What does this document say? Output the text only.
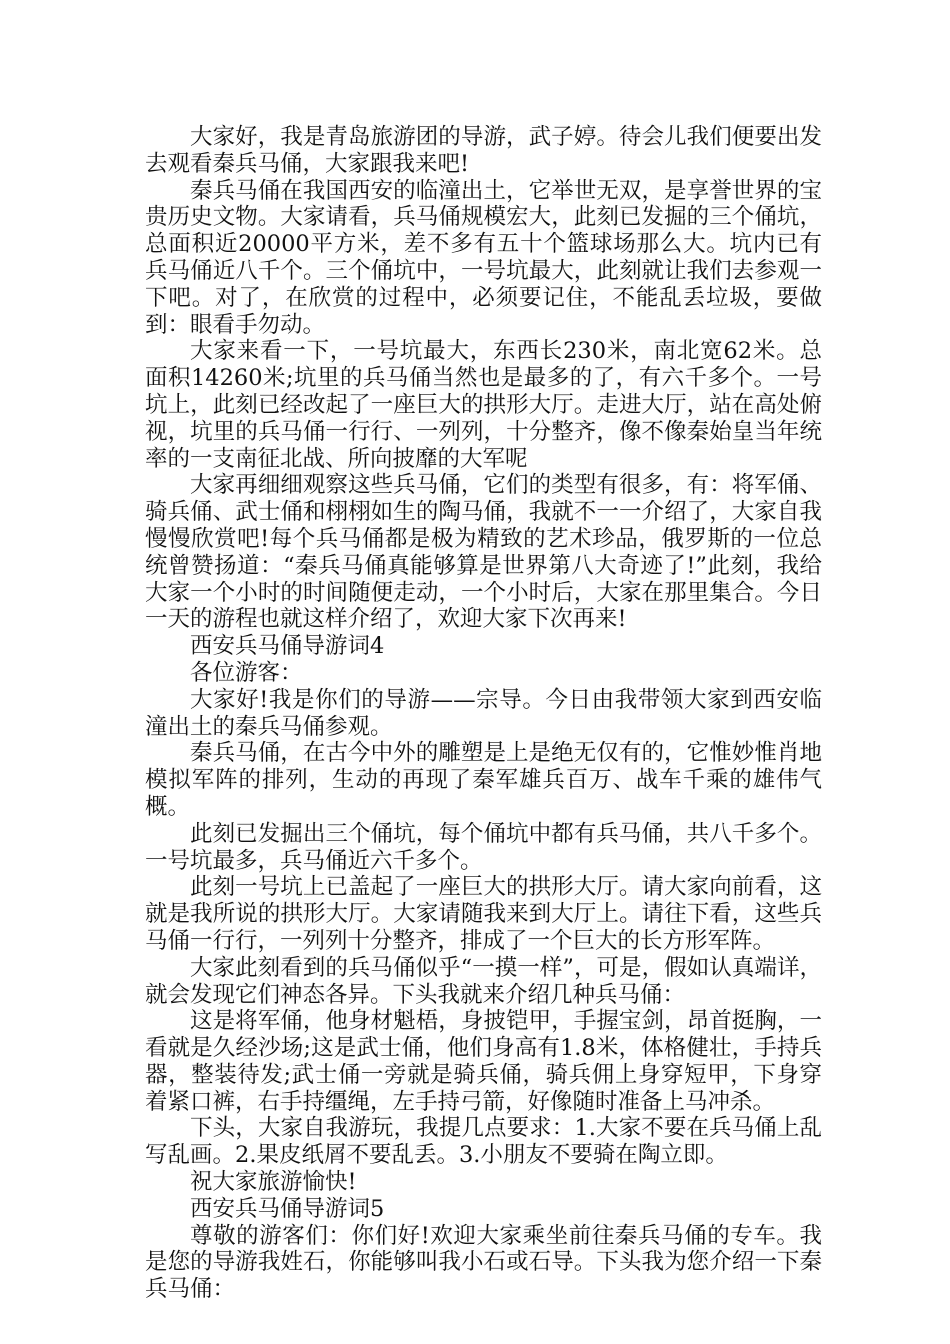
大家好，我是青岛旅游团的导游，武子婷。待会儿我们便要出发去观看秦兵马俑，大家跟我来吧!

秦兵马俑在我国西安的临潼出土，它举世无双，是享誉世界的宝贵历史文物。大家请看，兵马俑规模宏大，此刻已发掘的三个俑坑，总面积近20000平方米，差不多有五十个篮球场那么大。坑内已有兵马俑近八千个。三个俑坑中，一号坑最大，此刻就让我们去参观一下吧。对了，在欣赏的过程中，必须要记住，不能乱丢垃圾，要做到：眼看手勿动。

大家来看一下，一号坑最大，东西长230米，南北宽62米。总面积14260米;坑里的兵马俑当然也是最多的了，有六千多个。一号坑上，此刻已经改起了一座巨大的拱形大厅。走进大厅，站在高处俯视，坑里的兵马俑一行行、一列列，十分整齐，像不像秦始皇当年统率的一支南征北战、所向披靡的大军呢

大家再细细观察这些兵马俑，它们的类型有很多，有：将军俑、骑兵俑、武士俑和栩栩如生的陶马俑，我就不一一介绍了，大家自我慢慢欣赏吧!每个兵马俑都是极为精致的艺术珍品，俄罗斯的一位总统曾赞扬道：“秦兵马俑真能够算是世界第八大奇迹了!”此刻，我给大家一个小时的时间随便走动，一个小时后，大家在那里集合。今日一天的游程也就这样介绍了，欢迎大家下次再来!

西安兵马俑导游词4

各位游客：

大家好!我是你们的导游——宗导。今日由我带领大家到西安临潼出土的秦兵马俑参观。

秦兵马俑，在古今中外的雕塑是上是绝无仅有的，它惟妙惟肖地模拟军阵的排列，生动的再现了秦军雄兵百万、战车千乘的雄伟气概。

此刻已发掘出三个俑坑，每个俑坑中都有兵马俑，共八千多个。一号坑最多，兵马俑近六千多个。

此刻一号坑上已盖起了一座巨大的拱形大厅。请大家向前看，这就是我所说的拱形大厅。大家请随我来到大厅上。请往下看，这些兵马俑一行行，一列列十分整齐，排成了一个巨大的长方形军阵。

大家此刻看到的兵马俑似乎“一摸一样”，可是，假如认真端详，就会发现它们神态各异。下头我就来介绍几种兵马俑：

这是将军俑，他身材魁梧，身披铠甲，手握宝剑，昂首挺胸，一看就是久经沙场;这是武士俑，他们身高有1.8米，体格健壮，手持兵器，整装待发;武士俑一旁就是骑兵俑，骑兵佣上身穿短甲，下身穿着紧口裤，右手持缰绳，左手持弓箭，好像随时准备上马冲杀。

下头，大家自我游玩，我提几点要求：1.大家不要在兵马俑上乱写乱画。2.果皮纸屑不要乱丢。3.小朋友不要骑在陶立即。

祝大家旅游愉快!

西安兵马俑导游词5

尊敬的游客们：你们好!欢迎大家乘坐前往秦兵马俑的专车。我是您的导游我姓石，你能够叫我小石或石导。下头我为您介绍一下秦兵马俑：
